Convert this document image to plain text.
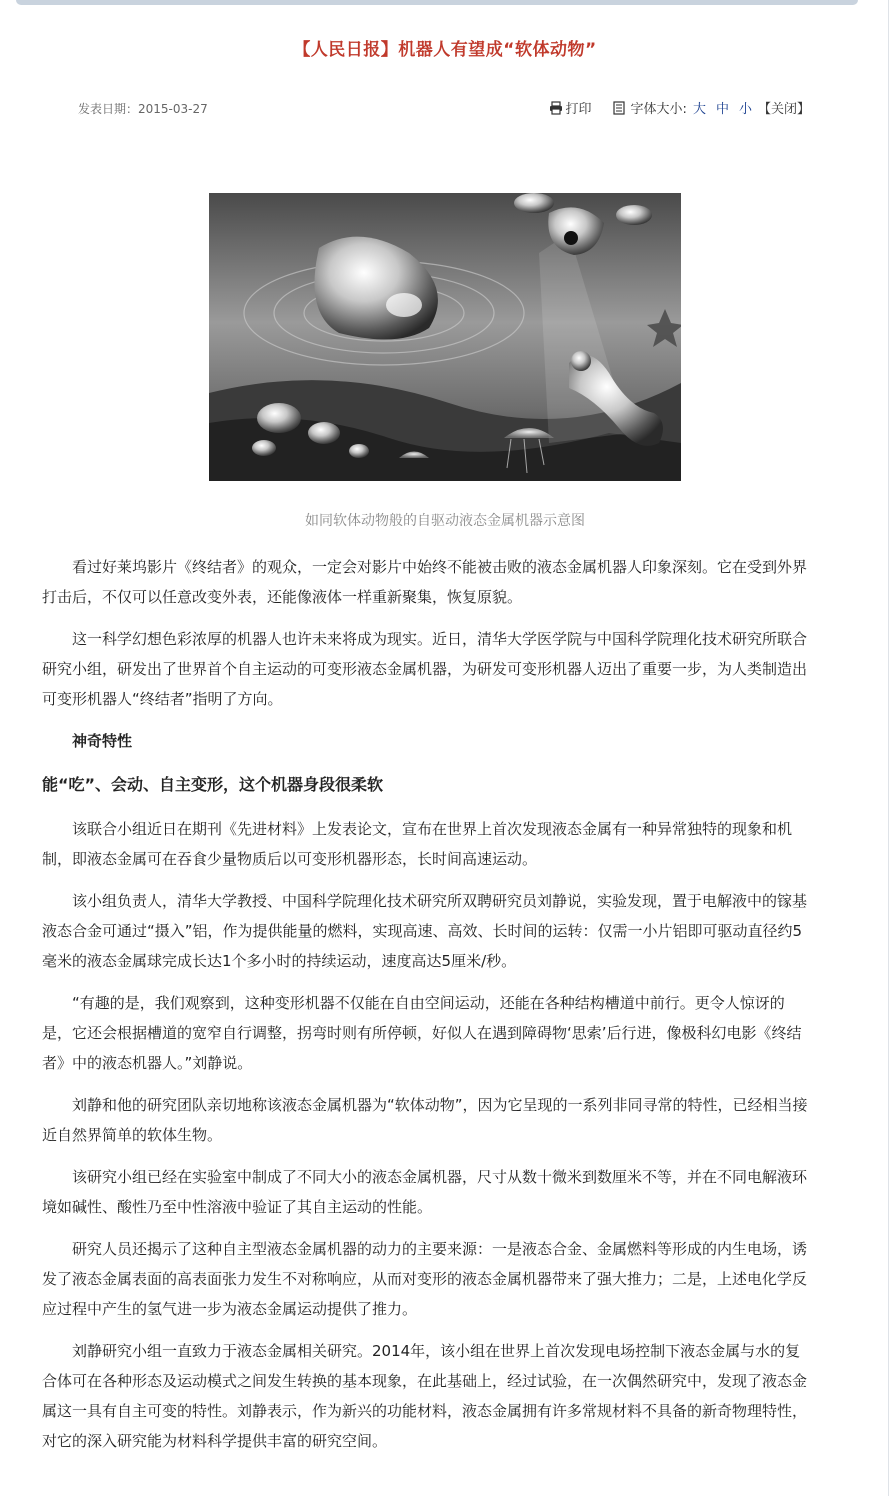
【人民日报】机器人有望成“软体动物”
发表日期：2015-03-27	打印	字体大小: 大 中 小 【关闭】
如同软体动物般的自驱动液态金属机器示意图

看过好莱坞影片《终结者》的观众，一定会对影片中始终不能被击败的液态金属机器人印象深刻。它在受到外界打击后，不仅可以任意改变外表，还能像液体一样重新聚集，恢复原貌。

这一科学幻想色彩浓厚的机器人也许未来将成为现实。近日，清华大学医学院与中国科学院理化技术研究所联合研究小组，研发出了世界首个自主运动的可变形液态金属机器，为研发可变形机器人迈出了重要一步，为人类制造出可变形机器人“终结者”指明了方向。

神奇特性
能“吃”、会动、自主变形，这个机器身段很柔软

该联合小组近日在期刊《先进材料》上发表论文，宣布在世界上首次发现液态金属有一种异常独特的现象和机制，即液态金属可在吞食少量物质后以可变形机器形态，长时间高速运动。

该小组负责人，清华大学教授、中国科学院理化技术研究所双聘研究员刘静说，实验发现，置于电解液中的镓基液态合金可通过“摄入”铝，作为提供能量的燃料，实现高速、高效、长时间的运转：仅需一小片铝即可驱动直径约5毫米的液态金属球完成长达1个多小时的持续运动，速度高达5厘米/秒。

“有趣的是，我们观察到，这种变形机器不仅能在自由空间运动，还能在各种结构槽道中前行。更令人惊讶的是，它还会根据槽道的宽窄自行调整，拐弯时则有所停顿，好似人在遇到障碍物‘思索’后行进，像极科幻电影《终结者》中的液态机器人。”刘静说。

刘静和他的研究团队亲切地称该液态金属机器为“软体动物”，因为它呈现的一系列非同寻常的特性，已经相当接近自然界简单的软体生物。

该研究小组已经在实验室中制成了不同大小的液态金属机器，尺寸从数十微米到数厘米不等，并在不同电解液环境如碱性、酸性乃至中性溶液中验证了其自主运动的性能。

研究人员还揭示了这种自主型液态金属机器的动力的主要来源：一是液态合金、金属燃料等形成的内生电场，诱发了液态金属表面的高表面张力发生不对称响应，从而对变形的液态金属机器带来了强大推力；二是，上述电化学反应过程中产生的氢气进一步为液态金属运动提供了推力。

刘静研究小组一直致力于液态金属相关研究。2014年，该小组在世界上首次发现电场控制下液态金属与水的复合体可在各种形态及运动模式之间发生转换的基本现象，在此基础上，经过试验，在一次偶然研究中，发现了液态金属这一具有自主可变的特性。刘静表示，作为新兴的功能材料，液态金属拥有许多常规材料不具备的新奇物理特性，对它的深入研究能为材料科学提供丰富的研究空间。
